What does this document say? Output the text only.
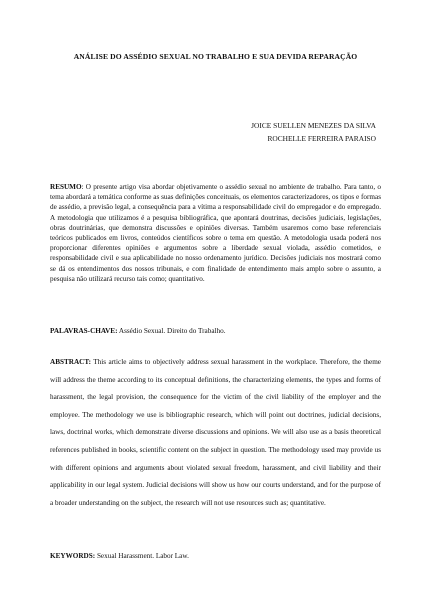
ANÁLISE DO ASSÉDIO SEXUAL NO TRABALHO E SUA DEVIDA REPARAÇÃO
JOICE SUELLEN MENEZES DA SILVA
ROCHELLE FERREIRA PARAISO

RESUMO: O presente artigo visa abordar objetivamente o assédio sexual no ambiente de trabalho. Para tanto, o tema abordará a temática conforme as suas definições conceituais, os elementos caracterizadores, os tipos e formas de assédio, a previsão legal, a consequência para a vítima a responsabilidade civil do empregador e do empregado. A metodologia que utilizamos é a pesquisa bibliográfica, que apontará doutrinas, decisões judiciais, legislações, obras doutrinárias, que demonstra discussões e opiniões diversas. Também usaremos como base referenciais teóricos publicados em livros, conteúdos científicos sobre o tema em questão. A metodologia usada poderá nos proporcionar diferentes opiniões e argumentos sobre a liberdade sexual violada, assédio cometidos, e responsabilidade civil e sua aplicabilidade no nosso ordenamento jurídico. Decisões judiciais nos mostrará como se dá os entendimentos dos nossos tribunais, e com finalidade de entendimento mais amplo sobre o assunto, a pesquisa não utilizará recurso tais como; quantitativo.

PALAVRAS-CHAVE: Assédio Sexual. Direito do Trabalho.

ABSTRACT: This article aims to objectively address sexual harassment in the workplace. Therefore, the theme will address the theme according to its conceptual definitions, the characterizing elements, the types and forms of harassment, the legal provision, the consequence for the victim of the civil liability of the employer and the employee. The methodology we use is bibliographic research, which will point out doctrines, judicial decisions, laws, doctrinal works, which demonstrate diverse discussions and opinions. We will also use as a basis theoretical references published in books, scientific content on the subject in question. The methodology used may provide us with different opinions and arguments about violated sexual freedom, harassment, and civil liability and their applicability in our legal system. Judicial decisions will show us how our courts understand, and for the purpose of a broader understanding on the subject, the research will not use resources such as; quantitative.

KEYWORDS: Sexual Harassment. Labor Law.
